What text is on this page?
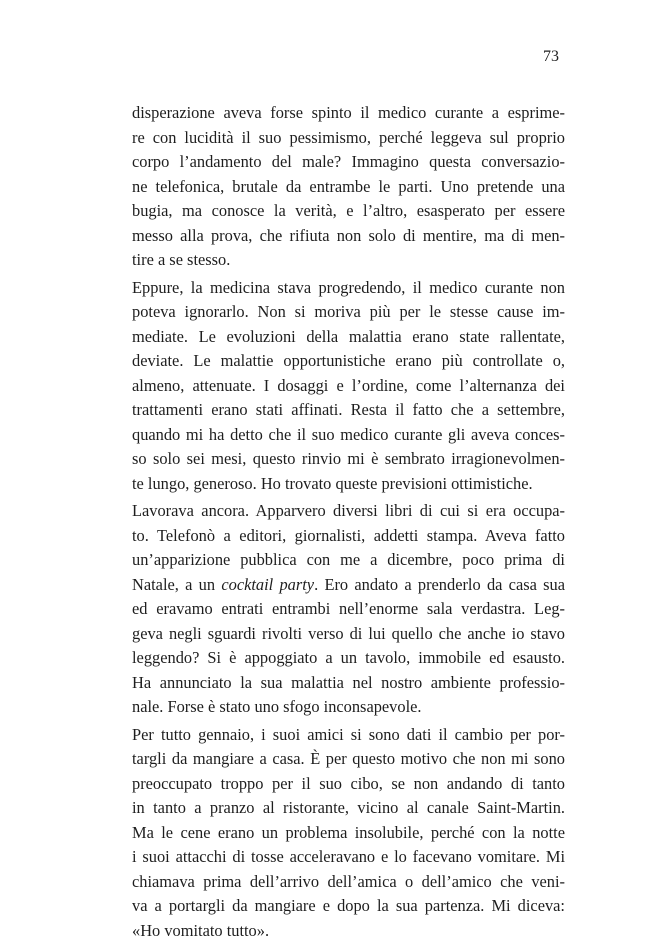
73
disperazione aveva forse spinto il medico curante a esprime-
re con lucidità il suo pessimismo, perché leggeva sul proprio
corpo l’andamento del male? Immagino questa conversazio-
ne telefonica, brutale da entrambe le parti. Uno pretende una
bugia, ma conosce la verità, e l’altro, esasperato per essere
messo alla prova, che rifiuta non solo di mentire, ma di men-
tire a se stesso.
Eppure, la medicina stava progredendo, il medico curante non
poteva ignorarlo. Non si moriva più per le stesse cause im-
mediate. Le evoluzioni della malattia erano state rallentate,
deviate. Le malattie opportunistiche erano più controllate o,
almeno, attenuate. I dosaggi e l’ordine, come l’alternanza dei
trattamenti erano stati affinati. Resta il fatto che a settembre,
quando mi ha detto che il suo medico curante gli aveva conces-
so solo sei mesi, questo rinvio mi è sembrato irragionevolmen-
te lungo, generoso. Ho trovato queste previsioni ottimistiche.
Lavorava ancora. Apparvero diversi libri di cui si era occupa-
to. Telefonò a editori, giornalisti, addetti stampa. Aveva fatto
un’apparizione pubblica con me a dicembre, poco prima di
Natale, a un cocktail party. Ero andato a prenderlo da casa sua
ed eravamo entrati entrambi nell’enorme sala verdastra. Leg-
geva negli sguardi rivolti verso di lui quello che anche io stavo
leggendo? Si è appoggiato a un tavolo, immobile ed esausto.
Ha annunciato la sua malattia nel nostro ambiente professio-
nale. Forse è stato uno sfogo inconsapevole.
Per tutto gennaio, i suoi amici si sono dati il cambio per por-
targli da mangiare a casa. È per questo motivo che non mi sono
preoccupato troppo per il suo cibo, se non andando di tanto
in tanto a pranzo al ristorante, vicino al canale Saint-Martin.
Ma le cene erano un problema insolubile, perché con la notte
i suoi attacchi di tosse acceleravano e lo facevano vomitare. Mi
chiamava prima dell’arrivo dell’amica o dell’amico che veni-
va a portargli da mangiare e dopo la sua partenza. Mi diceva:
«Ho vomitato tutto».
